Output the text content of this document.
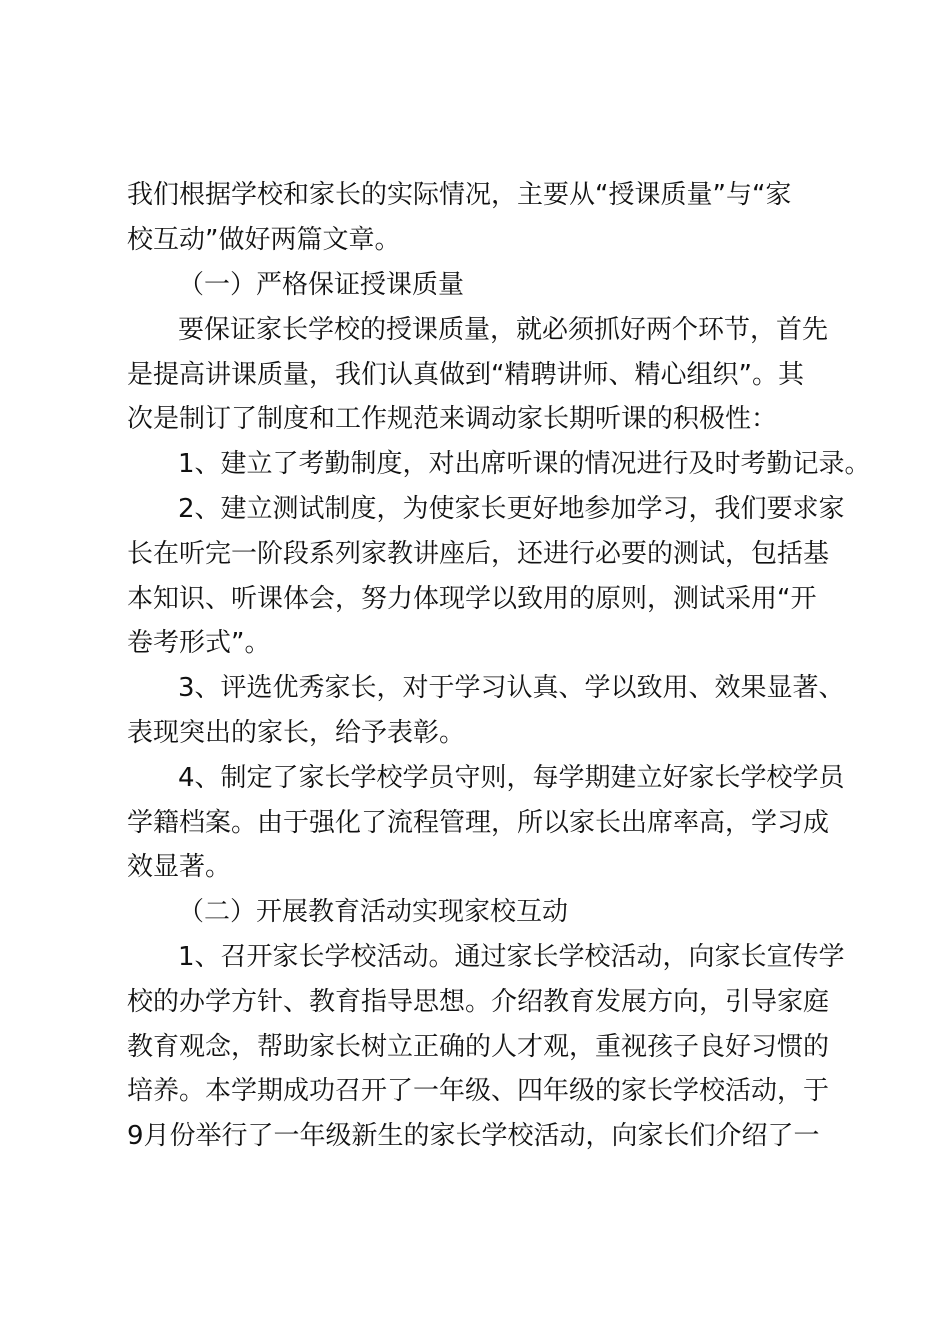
我们根据学校和家长的实际情况，主要从“授课质量”与“家
校互动”做好两篇文章。
（一）严格保证授课质量
要保证家长学校的授课质量，就必须抓好两个环节，首先
是提高讲课质量，我们认真做到“精聘讲师、精心组织”。其
次是制订了制度和工作规范来调动家长期听课的积极性：
1、建立了考勤制度，对出席听课的情况进行及时考勤记录。
2、建立测试制度，为使家长更好地参加学习，我们要求家
长在听完一阶段系列家教讲座后，还进行必要的测试，包括基
本知识、听课体会，努力体现学以致用的原则，测试采用“开
卷考形式”。
3、评选优秀家长，对于学习认真、学以致用、效果显著、
表现突出的家长，给予表彰。
4、制定了家长学校学员守则，每学期建立好家长学校学员
学籍档案。由于强化了流程管理，所以家长出席率高，学习成
效显著。
（二）开展教育活动实现家校互动
1、召开家长学校活动。通过家长学校活动，向家长宣传学
校的办学方针、教育指导思想。介绍教育发展方向，引导家庭
教育观念，帮助家长树立正确的人才观，重视孩子良好习惯的
培养。本学期成功召开了一年级、四年级的家长学校活动，于
9月份举行了一年级新生的家长学校活动，向家长们介绍了一
